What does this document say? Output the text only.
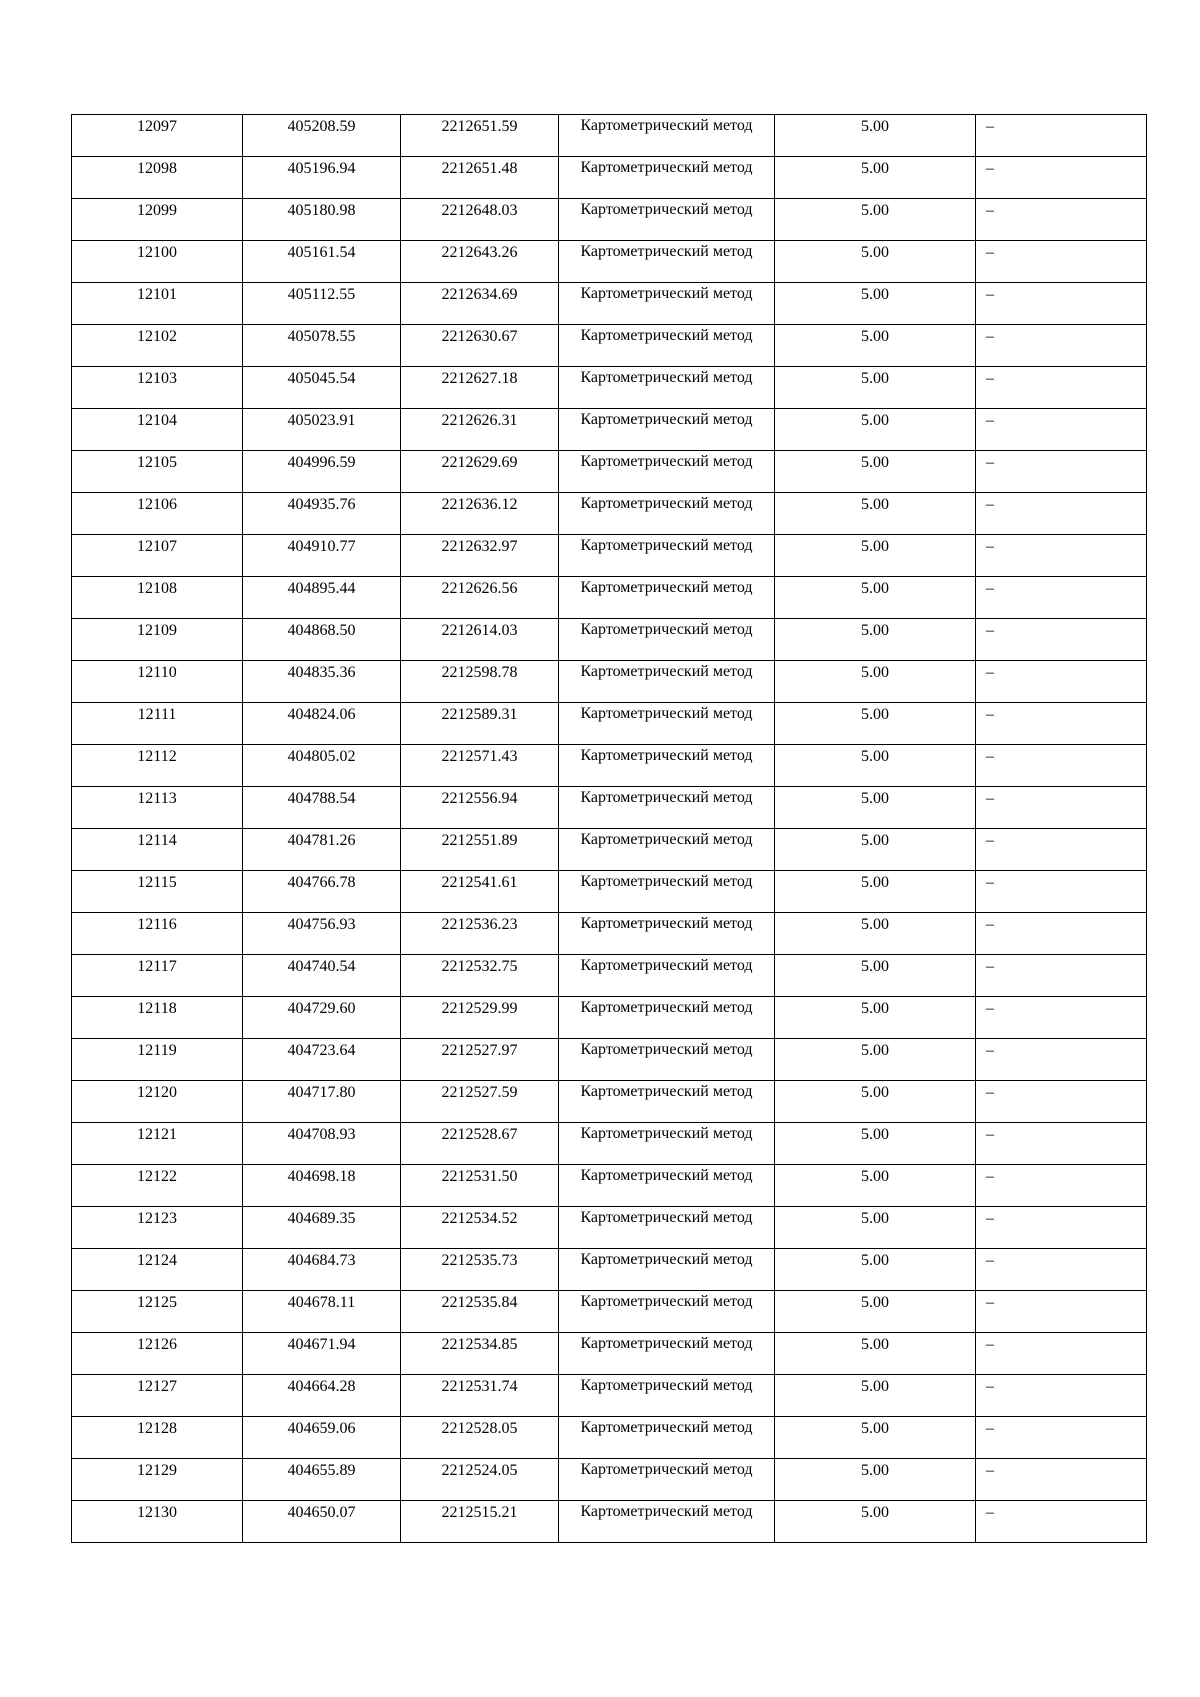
12097	405208.59	2212651.59	Картометрический метод	5.00	–

12098	405196.94	2212651.48	Картометрический метод	5.00	–

12099	405180.98	2212648.03	Картометрический метод	5.00	–

12100	405161.54	2212643.26	Картометрический метод	5.00	–

12101	405112.55	2212634.69	Картометрический метод	5.00	–

12102	405078.55	2212630.67	Картометрический метод	5.00	–

12103	405045.54	2212627.18	Картометрический метод	5.00	–

12104	405023.91	2212626.31	Картометрический метод	5.00	–

12105	404996.59	2212629.69	Картометрический метод	5.00	–

12106	404935.76	2212636.12	Картометрический метод	5.00	–

12107	404910.77	2212632.97	Картометрический метод	5.00	–

12108	404895.44	2212626.56	Картометрический метод	5.00	–

12109	404868.50	2212614.03	Картометрический метод	5.00	–

12110	404835.36	2212598.78	Картометрический метод	5.00	–

12111	404824.06	2212589.31	Картометрический метод	5.00	–

12112	404805.02	2212571.43	Картометрический метод	5.00	–

12113	404788.54	2212556.94	Картометрический метод	5.00	–

12114	404781.26	2212551.89	Картометрический метод	5.00	–

12115	404766.78	2212541.61	Картометрический метод	5.00	–

12116	404756.93	2212536.23	Картометрический метод	5.00	–

12117	404740.54	2212532.75	Картометрический метод	5.00	–

12118	404729.60	2212529.99	Картометрический метод	5.00	–

12119	404723.64	2212527.97	Картометрический метод	5.00	–

12120	404717.80	2212527.59	Картометрический метод	5.00	–

12121	404708.93	2212528.67	Картометрический метод	5.00	–

12122	404698.18	2212531.50	Картометрический метод	5.00	–

12123	404689.35	2212534.52	Картометрический метод	5.00	–

12124	404684.73	2212535.73	Картометрический метод	5.00	–

12125	404678.11	2212535.84	Картометрический метод	5.00	–

12126	404671.94	2212534.85	Картометрический метод	5.00	–

12127	404664.28	2212531.74	Картометрический метод	5.00	–

12128	404659.06	2212528.05	Картометрический метод	5.00	–

12129	404655.89	2212524.05	Картометрический метод	5.00	–

12130	404650.07	2212515.21	Картометрический метод	5.00	–
